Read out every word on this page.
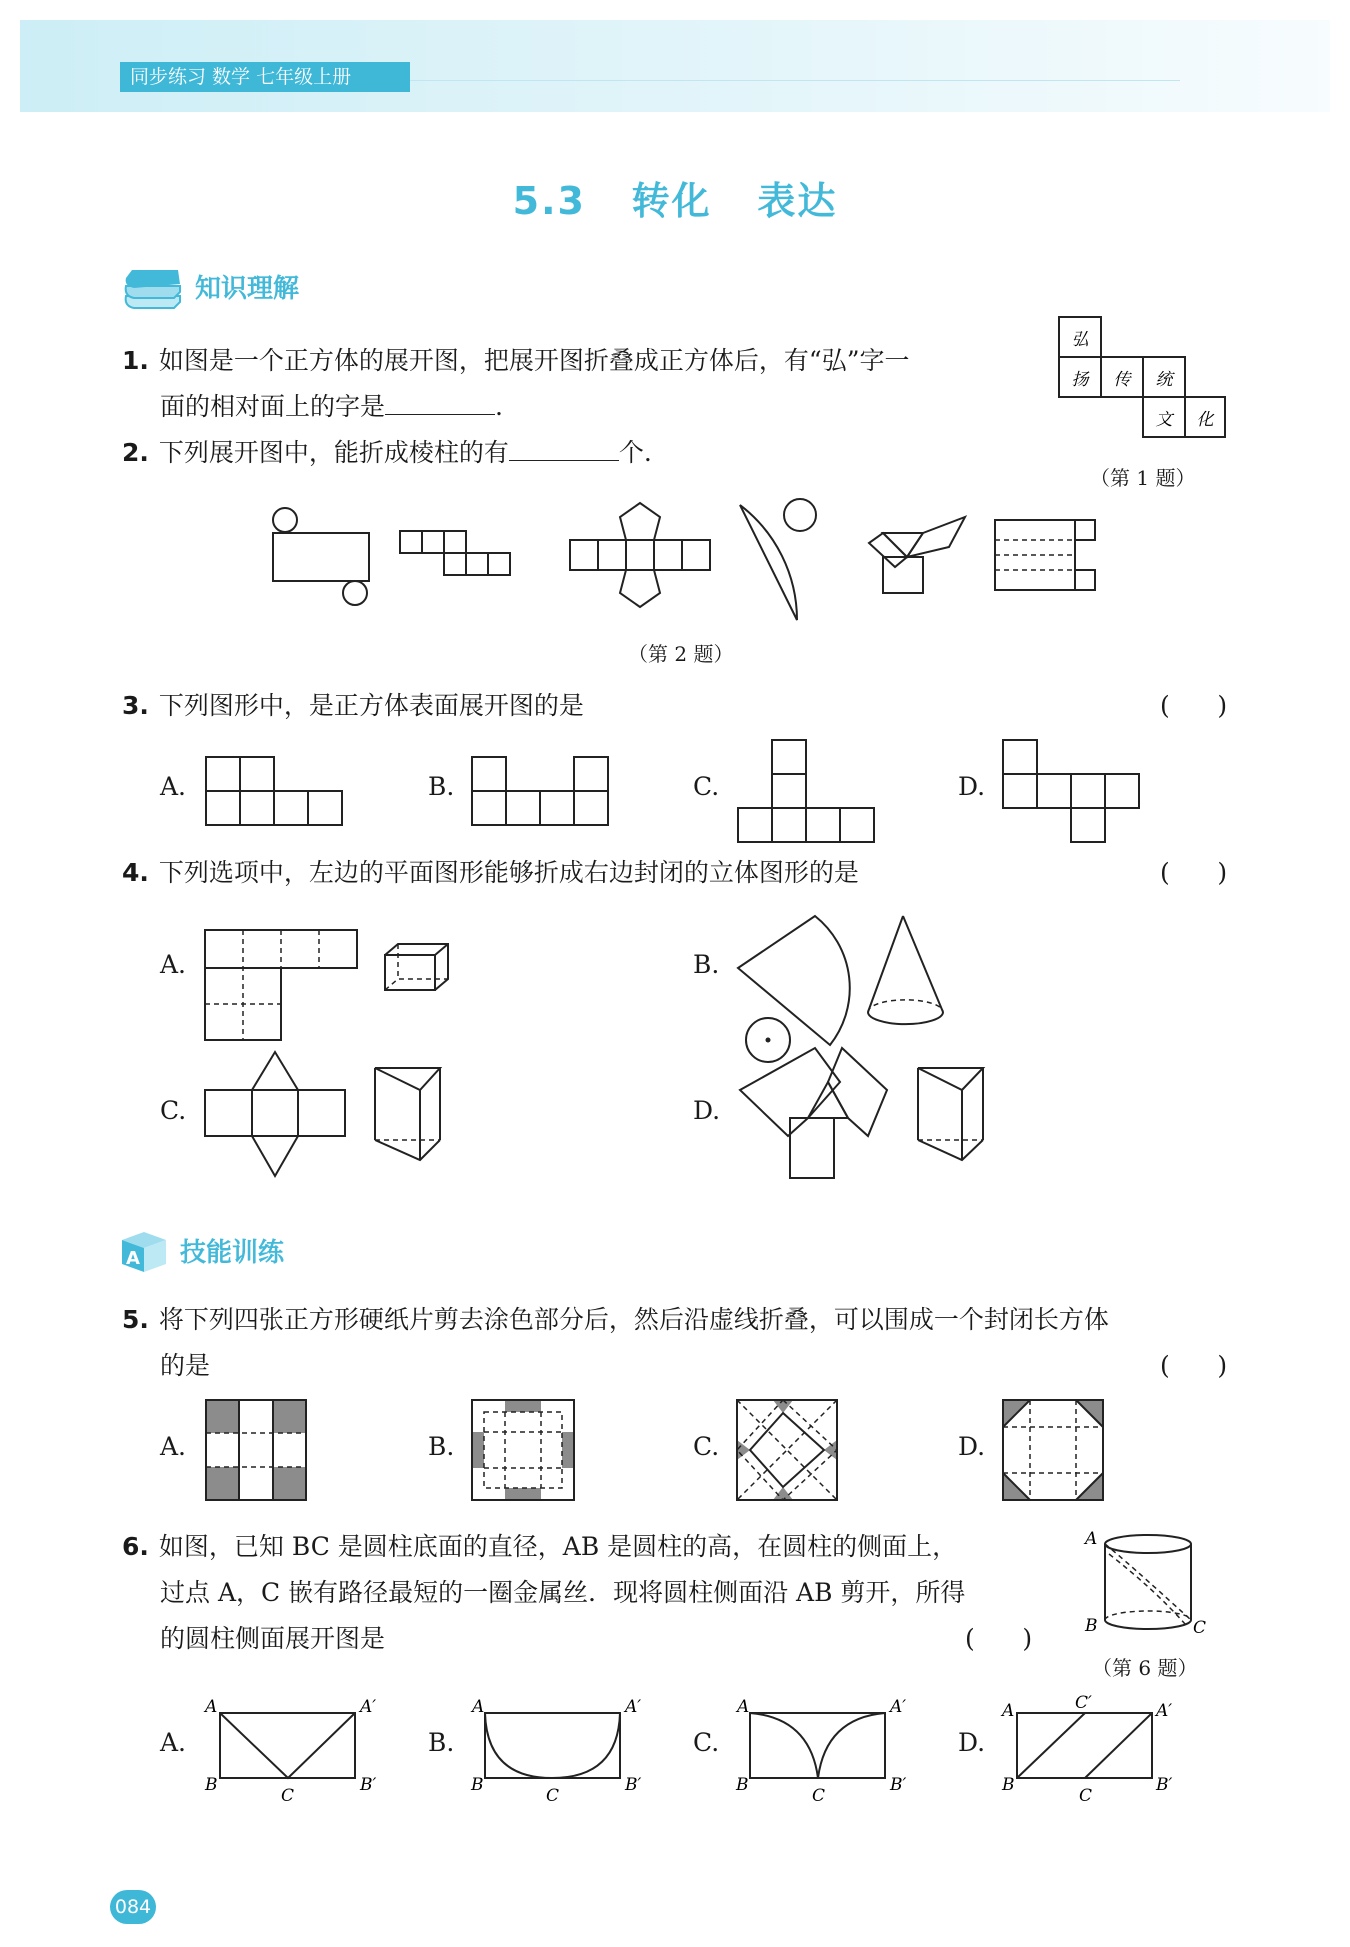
同步练习 数学 七年级上册
5.3   转化   表达
知识理解
1. 如图是一个正方体的展开图，把展开图折叠成正方体后，有“弘”字一
面的相对面上的字是	.
弘
扬 传 统
文 化
（第 1 题）
2. 下列展开图中，能折成棱柱的有	个.
（第 2 题）
3. 下列图形中，是正方体表面展开图的是	(      )
A.	B.	C.	D.
4. 下列选项中，左边的平面图形能够折成右边封闭的立体图形的是	(      )
A.	B.
C.	D.
A 技能训练
5. 将下列四张正方形硬纸片剪去涂色部分后，然后沿虚线折叠，可以围成一个封闭长方体
的是	(      )
A.	B.	C.	D.
6. 如图，已知 BC 是圆柱底面的直径，AB 是圆柱的高，在圆柱的侧面上，
过点 A，C 嵌有路径最短的一圈金属丝．现将圆柱侧面沿 AB 剪开，所得
的圆柱侧面展开图是	(      )
A
B	C
（第 6 题）
A.	B.	C.	D.
A	A′
B	B′
C
A	A′
B	B′
C
A	A′
B	B′
C
A	C′	A′
B
C
B′
084
